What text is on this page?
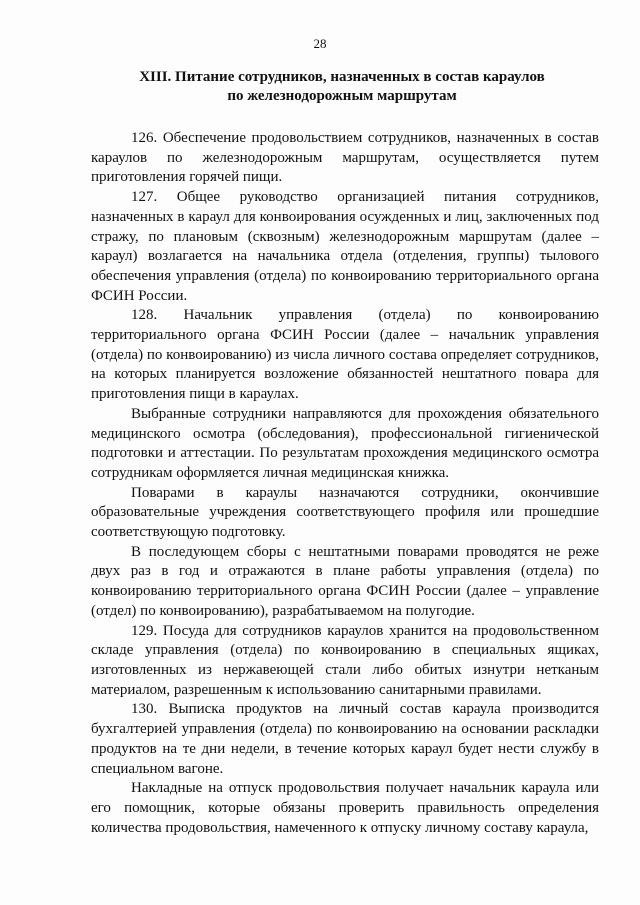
28
XIII. Питание сотрудников, назначенных в состав караулов
по железнодорожным маршрутам

126. Обеспечение продовольствием сотрудников, назначенных в состав караулов по железнодорожным маршрутам, осуществляется путем приготовления горячей пищи.

127. Общее руководство организацией питания сотрудников, назначенных в караул для конвоирования осужденных и лиц, заключенных под стражу, по плановым (сквозным) железнодорожным маршрутам (далее – караул) возлагается на начальника отдела (отделения, группы) тылового обеспечения управления (отдела) по конвоированию территориального органа ФСИН России.

128. Начальник управления (отдела) по конвоированию территориального органа ФСИН России (далее – начальник управления (отдела) по конвоированию) из числа личного состава определяет сотрудников, на которых планируется возложение обязанностей нештатного повара для приготовления пищи в караулах.

Выбранные сотрудники направляются для прохождения обязательного медицинского осмотра (обследования), профессиональной гигиенической подготовки и аттестации. По результатам прохождения медицинского осмотра сотрудникам оформляется личная медицинская книжка.

Поварами в караулы назначаются сотрудники, окончившие образовательные учреждения соответствующего профиля или прошедшие соответствующую подготовку.

В последующем сборы с нештатными поварами проводятся не реже двух раз в год и отражаются в плане работы управления (отдела) по конвоированию территориального органа ФСИН России (далее – управление (отдел) по конвоированию), разрабатываемом на полугодие.

129. Посуда для сотрудников караулов хранится на продовольственном складе управления (отдела) по конвоированию в специальных ящиках, изготовленных из нержавеющей стали либо обитых изнутри нетканым материалом, разрешенным к использованию санитарными правилами.

130. Выписка продуктов на личный состав караула производится бухгалтерией управления (отдела) по конвоированию на основании раскладки продуктов на те дни недели, в течение которых караул будет нести службу в специальном вагоне.

Накладные на отпуск продовольствия получает начальник караула или его помощник, которые обязаны проверить правильность определения количества продовольствия, намеченного к отпуску личному составу караула,
